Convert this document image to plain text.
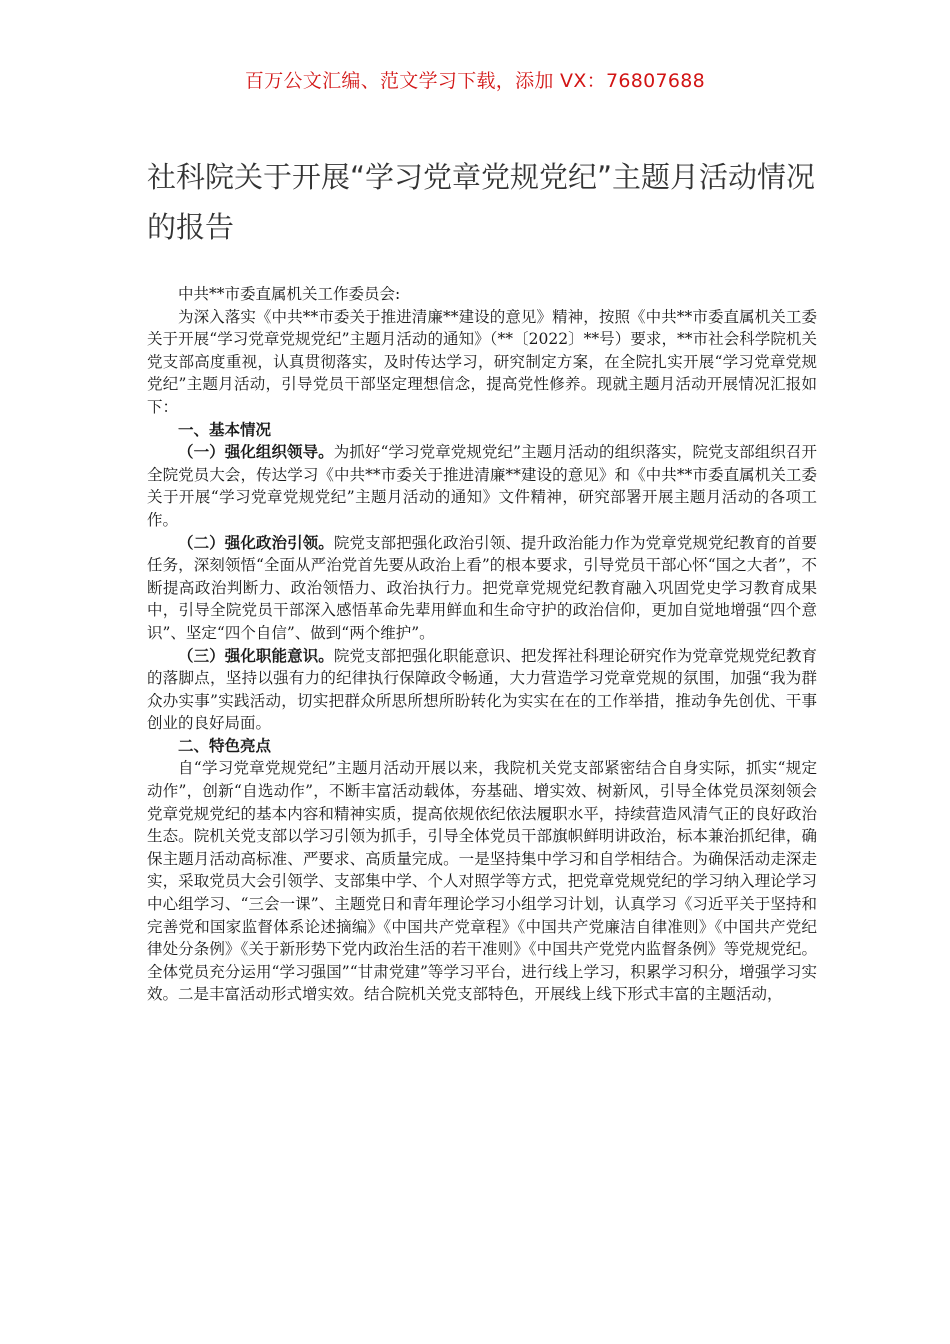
百万公文汇编、范文学习下载，添加 VX：76807688
社科院关于开展“学习党章党规党纪”主题月活动情况的报告

中共**市委直属机关工作委员会:

为深入落实《中共**市委关于推进清廉**建设的意见》精神，按照《中共**市委直属机关工委关于开展“学习党章党规党纪”主题月活动的通知》（**〔2022〕**号）要求，**市社会科学院机关党支部高度重视，认真贯彻落实，及时传达学习，研究制定方案，在全院扎实开展“学习党章党规党纪”主题月活动，引导党员干部坚定理想信念，提高党性修养。现就主题月活动开展情况汇报如下：

一、基本情况

（一）强化组织领导。为抓好“学习党章党规党纪”主题月活动的组织落实，院党支部组织召开全院党员大会，传达学习《中共**市委关于推进清廉**建设的意见》和《中共**市委直属机关工委关于开展“学习党章党规党纪”主题月活动的通知》文件精神，研究部署开展主题月活动的各项工作。

（二）强化政治引领。院党支部把强化政治引领、提升政治能力作为党章党规党纪教育的首要任务，深刻领悟“全面从严治党首先要从政治上看”的根本要求，引导党员干部心怀“国之大者”，不断提高政治判断力、政治领悟力、政治执行力。把党章党规党纪教育融入巩固党史学习教育成果中，引导全院党员干部深入感悟革命先辈用鲜血和生命守护的政治信仰，更加自觉地增强“四个意识”、坚定“四个自信”、做到“两个维护”。

（三）强化职能意识。院党支部把强化职能意识、把发挥社科理论研究作为党章党规党纪教育的落脚点，坚持以强有力的纪律执行保障政令畅通，大力营造学习党章党规的氛围，加强“我为群众办实事”实践活动，切实把群众所思所想所盼转化为实实在在的工作举措，推动争先创优、干事创业的良好局面。

二、特色亮点

自“学习党章党规党纪”主题月活动开展以来，我院机关党支部紧密结合自身实际，抓实“规定动作”，创新“自选动作”，不断丰富活动载体，夯基础、增实效、树新风，引导全体党员深刻领会党章党规党纪的基本内容和精神实质，提高依规依纪依法履职水平，持续营造风清气正的良好政治生态。院机关党支部以学习引领为抓手，引导全体党员干部旗帜鲜明讲政治，标本兼治抓纪律，确保主题月活动高标准、严要求、高质量完成。一是坚持集中学习和自学相结合。为确保活动走深走实，采取党员大会引领学、支部集中学、个人对照学等方式，把党章党规党纪的学习纳入理论学习中心组学习、“三会一课”、主题党日和青年理论学习小组学习计划，认真学习《习近平关于坚持和完善党和国家监督体系论述摘编》《中国共产党章程》《中国共产党廉洁自律准则》《中国共产党纪律处分条例》《关于新形势下党内政治生活的若干准则》《中国共产党党内监督条例》等党规党纪。全体党员充分运用“学习强国”“甘肃党建”等学习平台，进行线上学习，积累学习积分，增强学习实效。二是丰富活动形式增实效。结合院机关党支部特色，开展线上线下形式丰富的主题活动，
